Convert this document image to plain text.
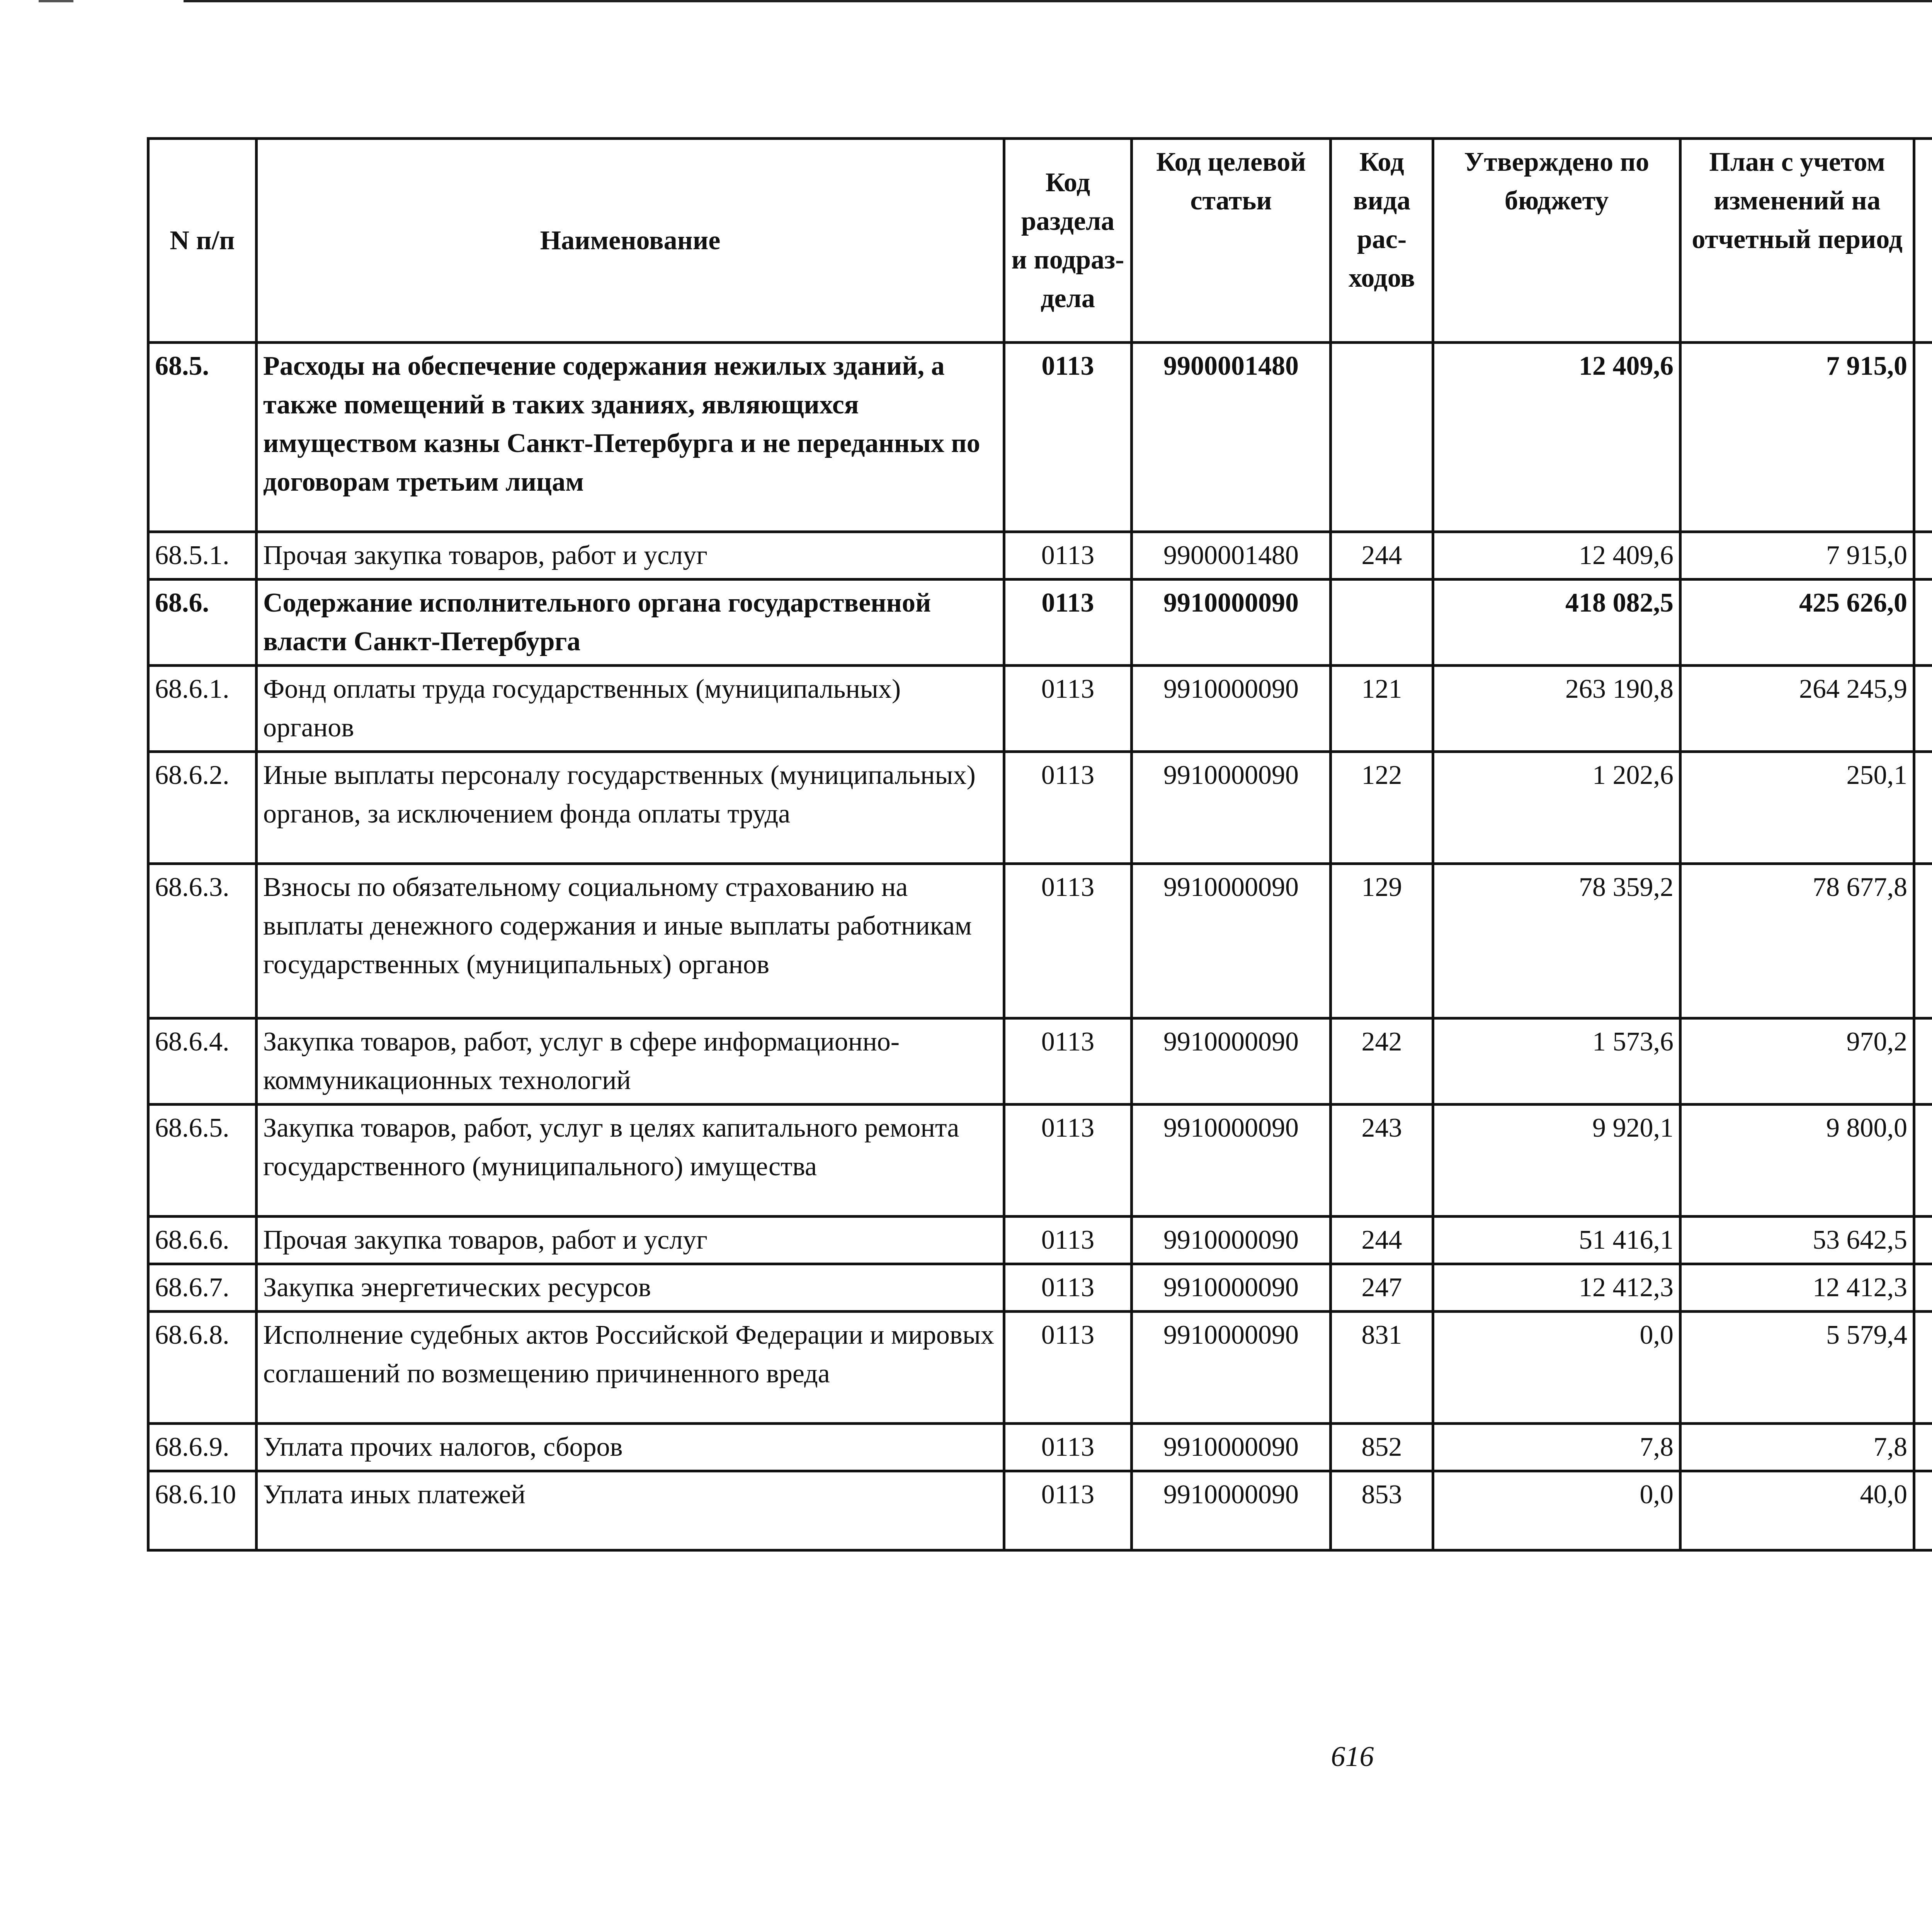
N п/п	Наименование	Код раздела и подраз-дела	Код целевой статьи	Код вида рас-ходов	Утверждено по бюджету	План с учетом изменений на отчетный период		

68.5.	Расходы на обеспечение содержания нежилых зданий, а также помещений в таких зданиях, являющихся имуществом казны Санкт-Петербурга и не переданных по договорам третьим лицам	0113	9900001480		12 409,6	7 915,0			
68.5.1.	Прочая закупка товаров, работ и услуг	0113	9900001480	244	12 409,6	7 915,0			
68.6.	Содержание исполнительного органа государственной власти Санкт-Петербурга	0113	9910000090		418 082,5	425 626,0			
68.6.1.	Фонд оплаты труда государственных (муниципальных) органов	0113	9910000090	121	263 190,8	264 245,9			
68.6.2.	Иные выплаты персоналу государственных (муниципальных) органов, за исключением фонда оплаты труда	0113	9910000090	122	1 202,6	250,1			
68.6.3.	Взносы по обязательному социальному страхованию на выплаты денежного содержания и иные выплаты работникам государственных (муниципальных) органов	0113	9910000090	129	78 359,2	78 677,8			
68.6.4.	Закупка товаров, работ, услуг в сфере информационно-коммуникационных технологий	0113	9910000090	242	1 573,6	970,2			
68.6.5.	Закупка товаров, работ, услуг в целях капитального ремонта государственного (муниципального) имущества	0113	9910000090	243	9 920,1	9 800,0			
68.6.6.	Прочая закупка товаров, работ и услуг	0113	9910000090	244	51 416,1	53 642,5			
68.6.7.	Закупка энергетических ресурсов	0113	9910000090	247	12 412,3	12 412,3			
68.6.8.	Исполнение судебных актов Российской Федерации и мировых соглашений по возмещению причиненного вреда	0113	9910000090	831	0,0	5 579,4			
68.6.9.	Уплата прочих налогов, сборов	0113	9910000090	852	7,8	7,8			
68.6.10	Уплата иных платежей	0113	9910000090	853	0,0	40,0			
616
